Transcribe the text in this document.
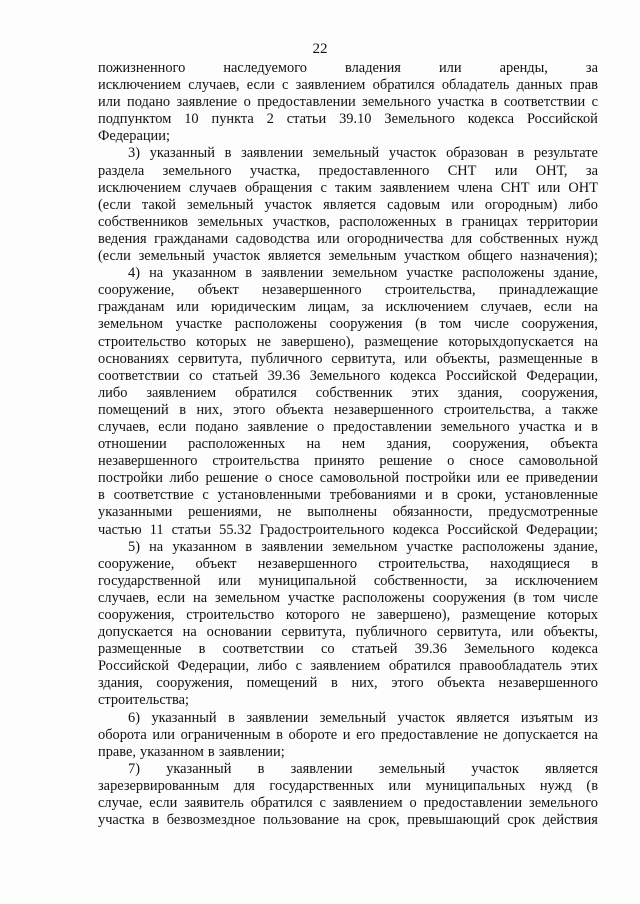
22
пожизненного	наследуемого	владения	или	аренды,	за
исключением случаев, если с заявлением обратился обладатель данных прав
или подано заявление о предоставлении земельного участка в соответствии с
подпунктом 10 пункта 2 статьи 39.10 Земельного кодекса Российской
Федерации;
3) указанный в заявлении земельный участок образован в результате
раздела земельного участка, предоставленного СНТ или ОНТ, за
исключением случаев обращения с таким заявлением члена СНТ или ОНТ
(если такой земельный участок является садовым или огородным) либо
собственников земельных участков, расположенных в границах территории
ведения гражданами садоводства или огородничества для собственных нужд
(если земельный участок является земельным участком общего назначения);
4) на указанном в заявлении земельном участке расположены здание,
сооружение, объект незавершенного строительства, принадлежащие
гражданам или юридическим лицам, за исключением случаев, если на
земельном участке расположены сооружения (в том числе сооружения,
строительство которых не завершено), размещение которыхдопускается на
основаниях сервитута, публичного сервитута, или объекты, размещенные в
соответствии со статьей 39.36 Земельного кодекса Российской Федерации,
либо заявлением обратился собственник этих здания, сооружения,
помещений в них, этого объекта незавершенного строительства, а также
случаев, если подано заявление о предоставлении земельного участка и в
отношении расположенных на нем здания, сооружения, объекта
незавершенного строительства принято решение о сносе самовольной
постройки либо решение о сносе самовольной постройки или ее приведении
в соответствие с установленными требованиями и в сроки, установленные
указанными решениями, не выполнены обязанности, предусмотренные
частью 11 статьи 55.32 Градостроительного кодекса Российской Федерации;
5) на указанном в заявлении земельном участке расположены здание,
сооружение, объект незавершенного строительства, находящиеся в
государственной или муниципальной собственности, за исключением
случаев, если на земельном участке расположены сооружения (в том числе
сооружения, строительство которого не завершено), размещение которых
допускается на основании сервитута, публичного сервитута, или объекты,
размещенные в соответствии со статьей 39.36 Земельного кодекса
Российской Федерации, либо с заявлением обратился правообладатель этих
здания, сооружения, помещений в них, этого объекта незавершенного
строительства;
6) указанный в заявлении земельный участок является изъятым из
оборота или ограниченным в обороте и его предоставление не допускается на
праве, указанном в заявлении;
7) указанный в заявлении земельный участок является
зарезервированным для государственных или муниципальных нужд (в
случае, если заявитель обратился с заявлением о предоставлении земельного
участка в безвозмездное пользование на срок, превышающий срок действия
